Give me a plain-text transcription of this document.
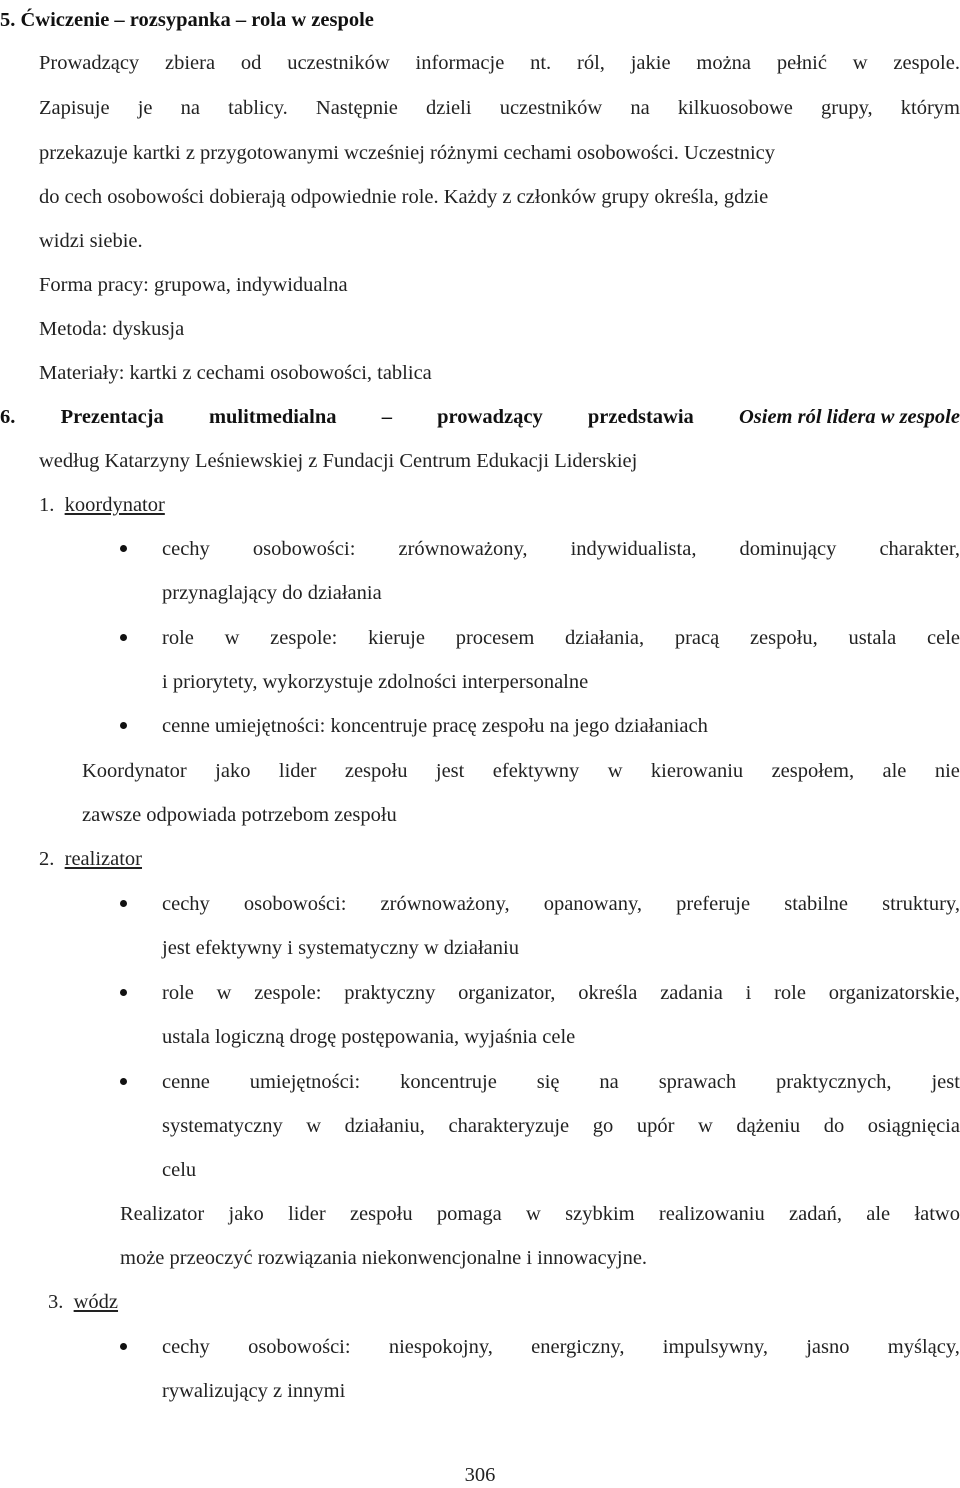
5. Ćwiczenie – rozsypanka – rola w zespole
Prowadzący zbiera od uczestników informacje nt. ról, jakie można pełnić w zespole.
Zapisuje je na tablicy. Następnie dzieli uczestników na kilkuosobowe grupy, którym
przekazuje kartki z przygotowanymi wcześniej różnymi cechami osobowości. Uczestnicy
do cech osobowości dobierają odpowiednie role. Każdy z członków grupy określa, gdzie
widzi siebie.
Forma pracy: grupowa, indywidualna
Metoda: dyskusja
Materiały: kartki z cechami osobowości, tablica
6. Prezentacja mulitmedialna – prowadzący przedstawia Osiem ról lidera w zespole
według Katarzyny Leśniewskiej z Fundacji Centrum Edukacji Liderskiej
1. koordynator
cechy osobowości: zrównoważony, indywidualista, dominujący charakter,
przynaglający do działania
role w zespole: kieruje procesem działania, pracą zespołu, ustala cele
i priorytety, wykorzystuje zdolności interpersonalne
cenne umiejętności: koncentruje pracę zespołu na jego działaniach
Koordynator jako lider zespołu jest efektywny w kierowaniu zespołem, ale nie
zawsze odpowiada potrzebom zespołu
2. realizator
cechy osobowości: zrównoważony, opanowany, preferuje stabilne struktury,
jest efektywny i systematyczny w działaniu
role w zespole: praktyczny organizator, określa zadania i role organizatorskie,
ustala logiczną drogę postępowania, wyjaśnia cele
cenne umiejętności: koncentruje się na sprawach praktycznych, jest
systematyczny w działaniu, charakteryzuje go upór w dążeniu do osiągnięcia
celu
Realizator jako lider zespołu pomaga w szybkim realizowaniu zadań, ale łatwo
może przeoczyć rozwiązania niekonwencjonalne i innowacyjne.
3. wódz
cechy osobowości: niespokojny, energiczny, impulsywny, jasno myślący,
rywalizujący z innymi
306
